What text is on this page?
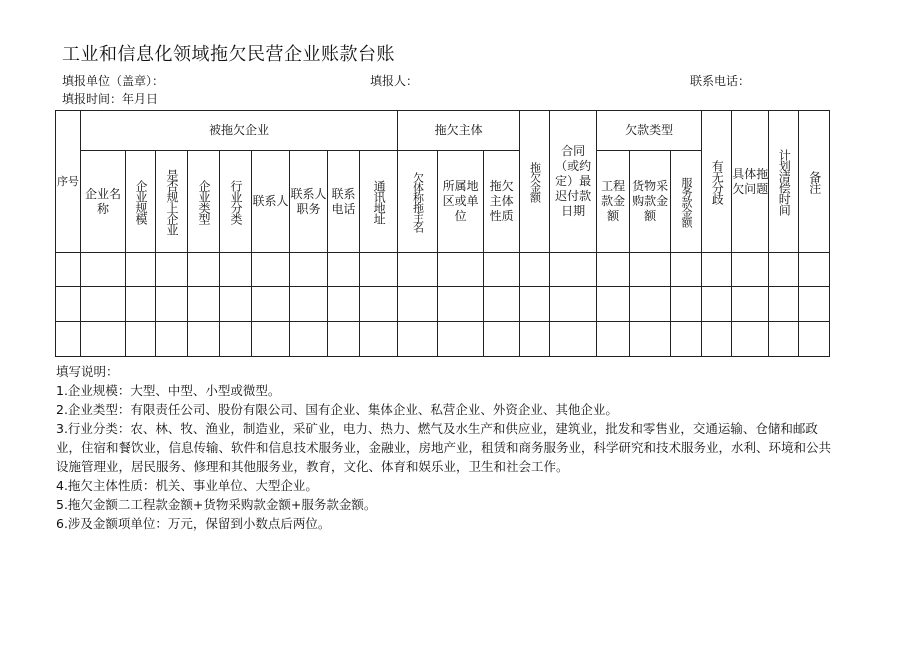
工业和信息化领域拖欠民营企业账款台账
填报单位（盖章）：	填报人：	联系电话：
填报时间：年月日
序号	被拖欠企业									拖欠主体			拖欠金额	合同（或约定）最迟付款日期	欠款类型			有无分歧	具体拖欠问题	计划清偿时间	备注

	企业名称	企业规模	是否规上企业	企业类型	行业分类	联系人	联系人职务	联系电话	通讯地址	欠体称拖主名	所属地区或单位	拖欠主体性质			工程款金额	货物采购款金额	服务款金额				

填写说明：
1.企业规模：大型、中型、小型或微型。
2.企业类型：有限责任公司、股份有限公司、国有企业、集体企业、私营企业、外资企业、其他企业。
3.行业分类：农、林、牧、渔业，制造业，采矿业，电力、热力、燃气及水生产和供应业，建筑业，批发和零售业，交通运输、仓储和邮政业，住宿和餐饮业，信息传输、软件和信息技术服务业，金融业，房地产业，租赁和商务服务业，科学研究和技术服务业，水利、环境和公共设施管理业，居民服务、修理和其他服务业，教育，文化、体育和娱乐业，卫生和社会工作。
4.拖欠主体性质：机关、事业单位、大型企业。
5.拖欠金额二工程款金额+货物采购款金额+服务款金额。
6.涉及金额项单位：万元，保留到小数点后两位。
